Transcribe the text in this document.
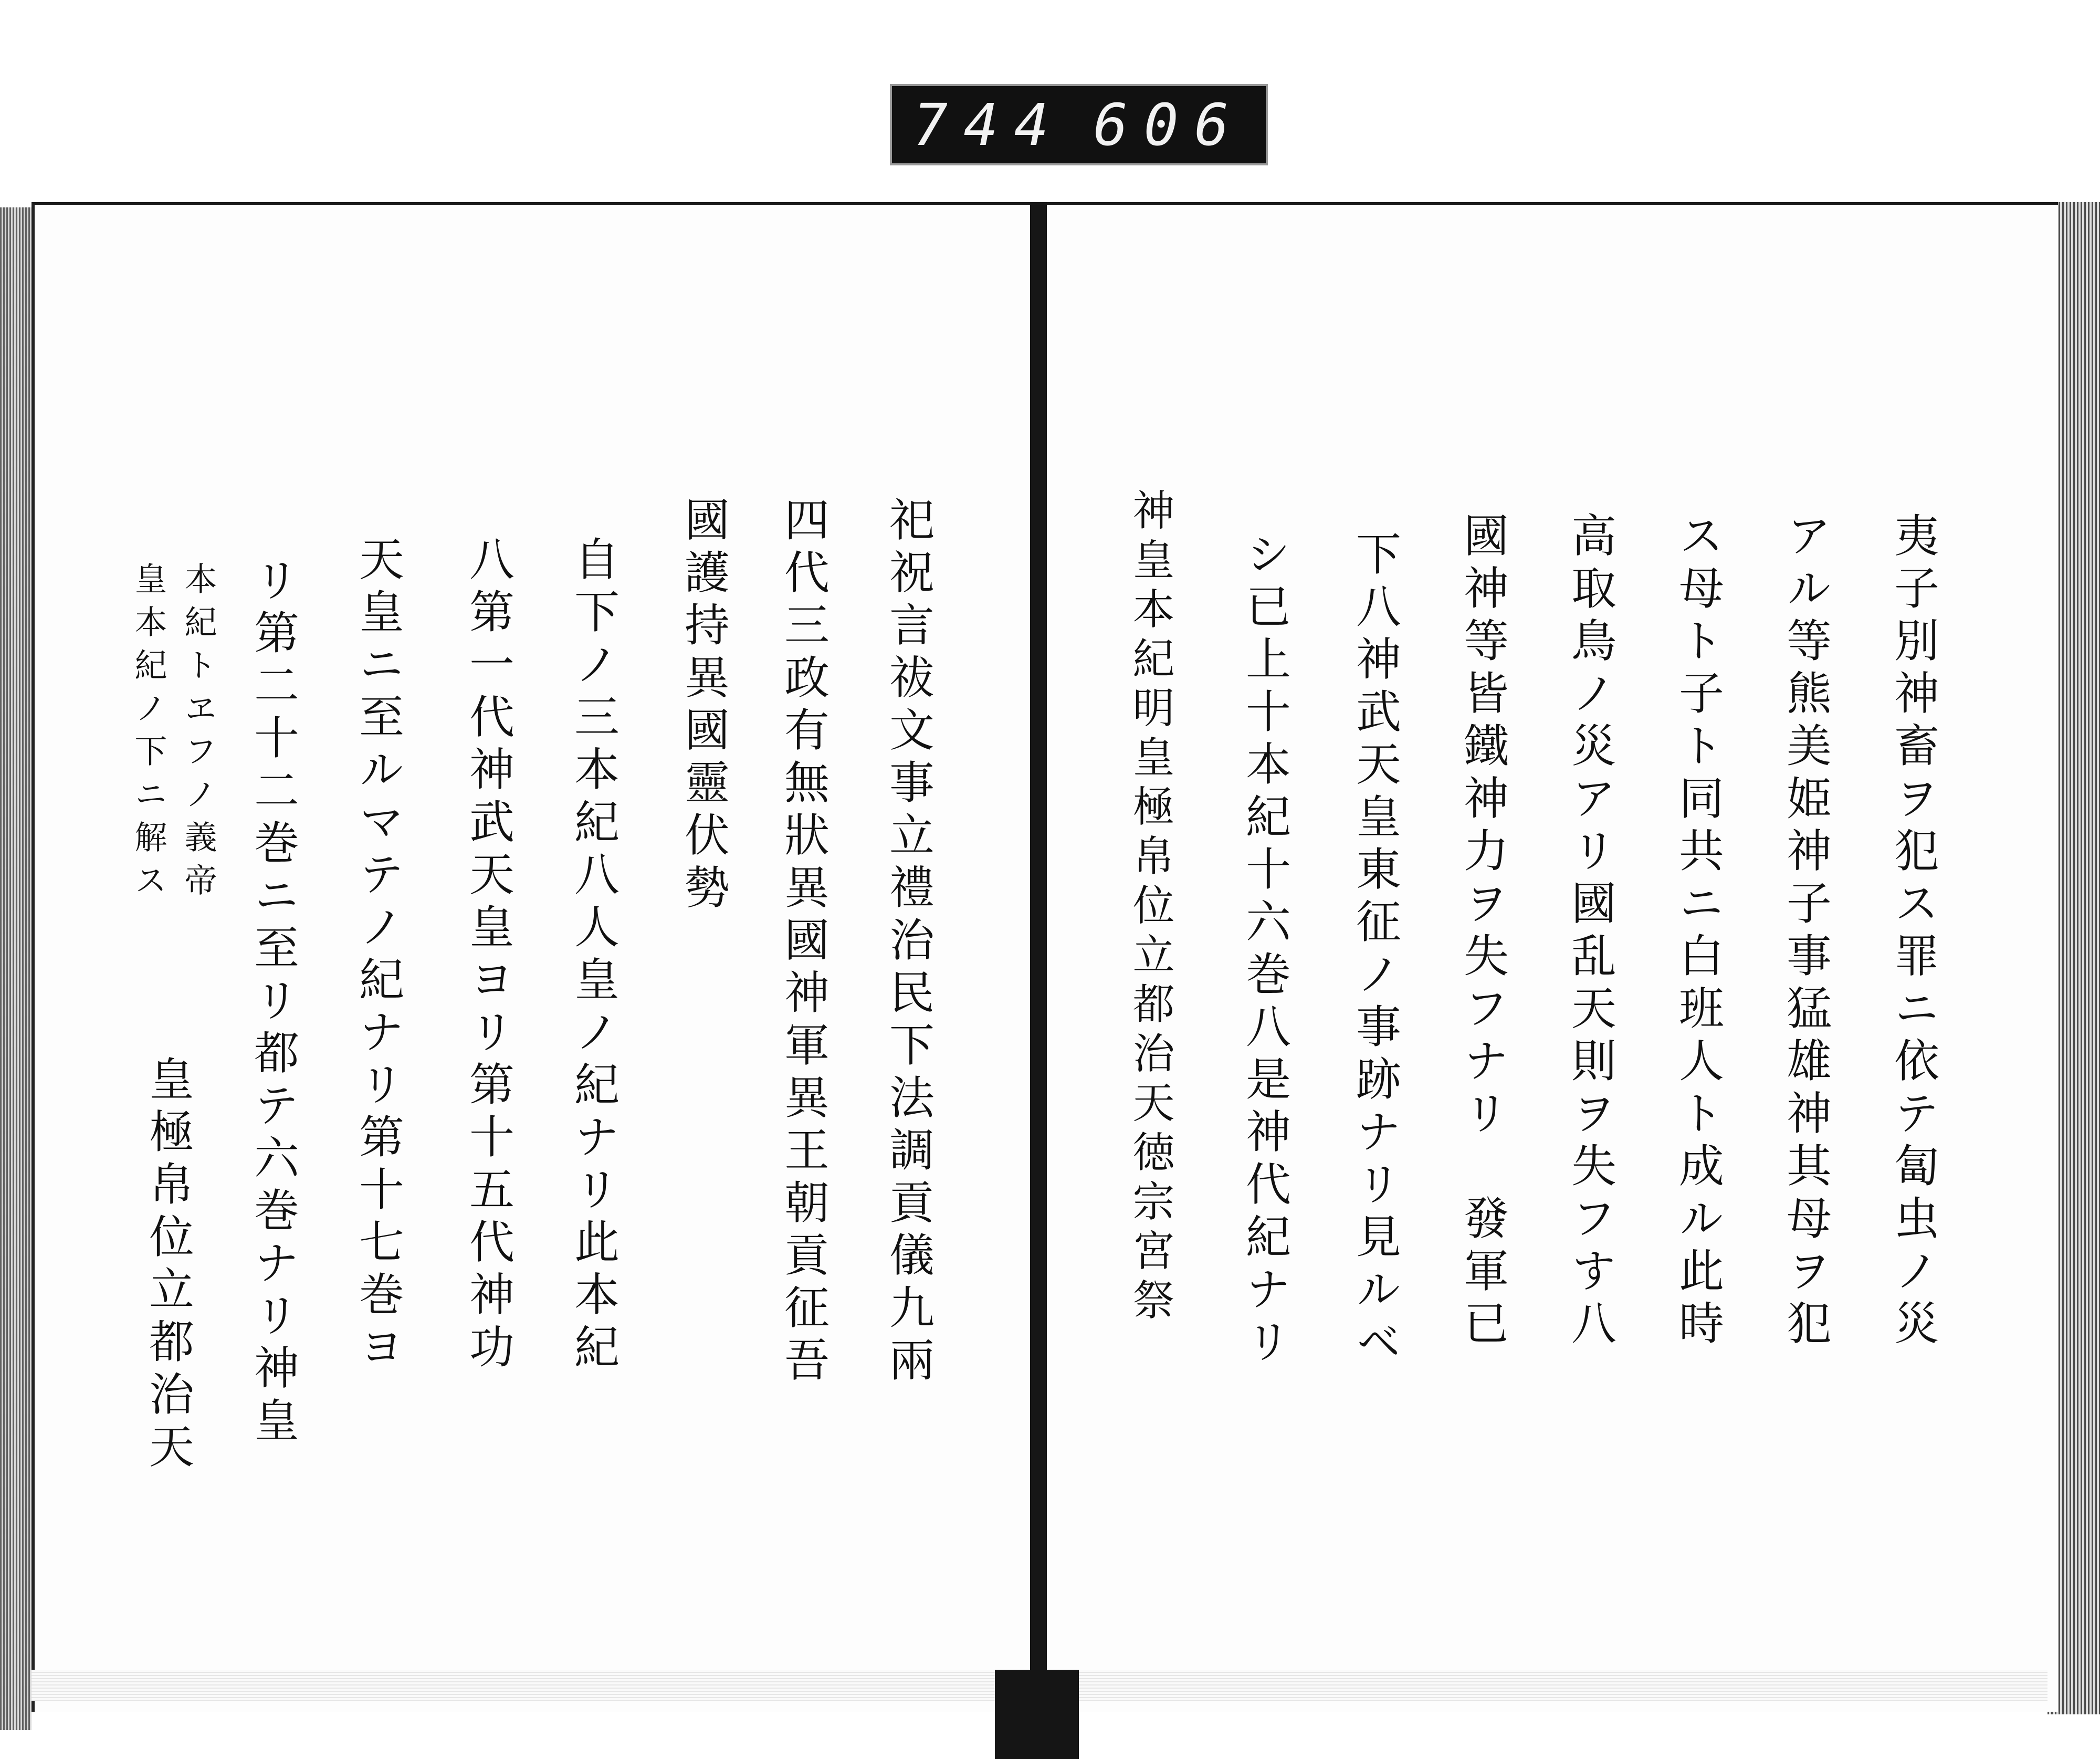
744 606
祀祝言祓文事立禮治民下法調貢儀九兩
四代三政有無狀異國神軍異王朝貢征吾
國護持異國靈伏勢
自下ノ三本紀八人皇ノ紀ナリ此本紀
八第一代神武天皇ヨリ第十五代神功
天皇ニ至ルマテノ紀ナリ第十七巻ヨ
リ第二十二巻ニ至リ都テ六巻ナリ神皇
本紀トヱフノ義帝
皇本紀ノ下ニ解ス
皇極帛位立都治天	夷子別神畜ヲ犯ス罪ニ依テ匐虫ノ災
アル等熊美姫神子事猛雄神其母ヲ犯
ス母ト子ト同共ニ白班人ト成ル此時
高取鳥ノ災アリ國乱天則ヲ失フす八
國神等皆鐵神力ヲ失フナリ　發軍已
下八神武天皇東征ノ事跡ナリ見ルベ
シ已上十本紀十六巻八是神代紀ナリ
神皇本紀明皇極帛位立都治天徳宗宮祭
